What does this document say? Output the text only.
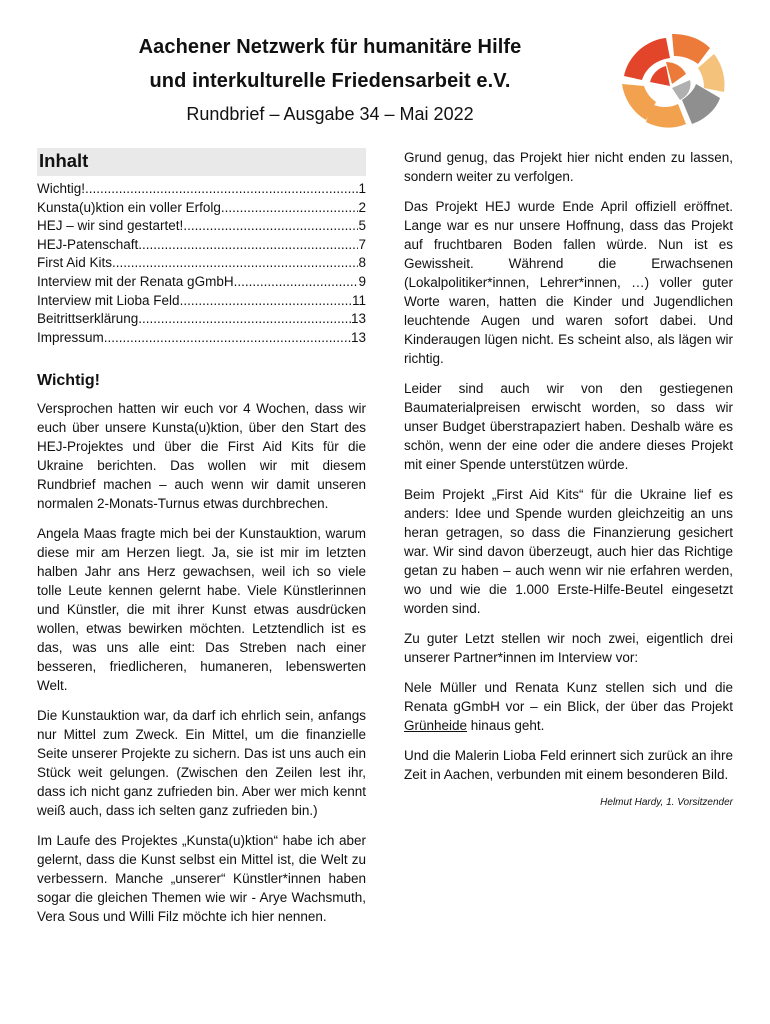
Aachener Netzwerk für humanitäre Hilfe
und interkulturelle Friedensarbeit e.V.
Rundbrief – Ausgabe 34 – Mai 2022
Inhalt
Wichtig! .....	1
Kunsta(u)ktion ein voller Erfolg .....	2
HEJ – wir sind gestartet! .....	5
HEJ-Patenschaft .....	7
First Aid Kits .....	8
Interview mit der Renata gGmbH .....	9
Interview mit Lioba Feld .....	11
Beitrittserklärung .....	13
Impressum .....	13
Wichtig!

Versprochen hatten wir euch vor 4 Wochen, dass wir euch über unsere Kunsta(u)ktion, über den Start des HEJ-Projektes und über die First Aid Kits für die Ukraine berichten. Das wollen wir mit diesem Rundbrief machen – auch wenn wir damit unseren normalen 2-Monats-Turnus etwas durchbrechen.

Angela Maas fragte mich bei der Kunstauktion, warum diese mir am Herzen liegt. Ja, sie ist mir im letzten halben Jahr ans Herz gewachsen, weil ich so viele tolle Leute kennen gelernt habe. Viele Künstlerinnen und Künstler, die mit ihrer Kunst etwas ausdrücken wollen, etwas bewirken möchten. Letztendlich ist es das, was uns alle eint: Das Streben nach einer besseren, friedlicheren, humaneren, lebenswerten Welt.

Die Kunstauktion war, da darf ich ehrlich sein, anfangs nur Mittel zum Zweck. Ein Mittel, um die finanzielle Seite unserer Projekte zu sichern. Das ist uns auch ein Stück weit gelungen. (Zwischen den Zeilen lest ihr, dass ich nicht ganz zufrieden bin. Aber wer mich kennt weiß auch, dass ich selten ganz zufrieden bin.)

Im Laufe des Projektes „Kunsta(u)ktion“ habe ich aber gelernt, dass die Kunst selbst ein Mittel ist, die Welt zu verbessern. Manche „unserer“ Künstler*innen haben sogar die gleichen Themen wie wir - Arye Wachsmuth, Vera Sous und Willi Filz möchte ich hier nennen.

Grund genug, das Projekt hier nicht enden zu lassen, sondern weiter zu verfolgen.

Das Projekt HEJ wurde Ende April offiziell eröffnet. Lange war es nur unsere Hoffnung, dass das Projekt auf fruchtbaren Boden fallen würde. Nun ist es Gewissheit. Während die Erwachsenen (Lokalpolitiker*innen, Lehrer*innen, …) voller guter Worte waren, hatten die Kinder und Jugendlichen leuchtende Augen und waren sofort dabei. Und Kinderaugen lügen nicht. Es scheint also, als lägen wir richtig.

Leider sind auch wir von den gestiegenen Baumaterialpreisen erwischt worden, so dass wir unser Budget überstrapaziert haben. Deshalb wäre es schön, wenn der eine oder die andere dieses Projekt mit einer Spende unterstützen würde.

Beim Projekt „First Aid Kits“ für die Ukraine lief es anders: Idee und Spende wurden gleichzeitig an uns heran getragen, so dass die Finanzierung gesichert war. Wir sind davon überzeugt, auch hier das Richtige getan zu haben – auch wenn wir nie erfahren werden, wo und wie die 1.000 Erste-Hilfe-Beutel eingesetzt worden sind.

Zu guter Letzt stellen wir noch zwei, eigentlich drei unserer Partner*innen im Interview vor:

Nele Müller und Renata Kunz stellen sich und die Renata gGmbH vor – ein Blick, der über das Projekt Grünheide hinaus geht.

Und die Malerin Lioba Feld erinnert sich zurück an ihre Zeit in Aachen, verbunden mit einem besonderen Bild.

Helmut Hardy, 1. Vorsitzender
